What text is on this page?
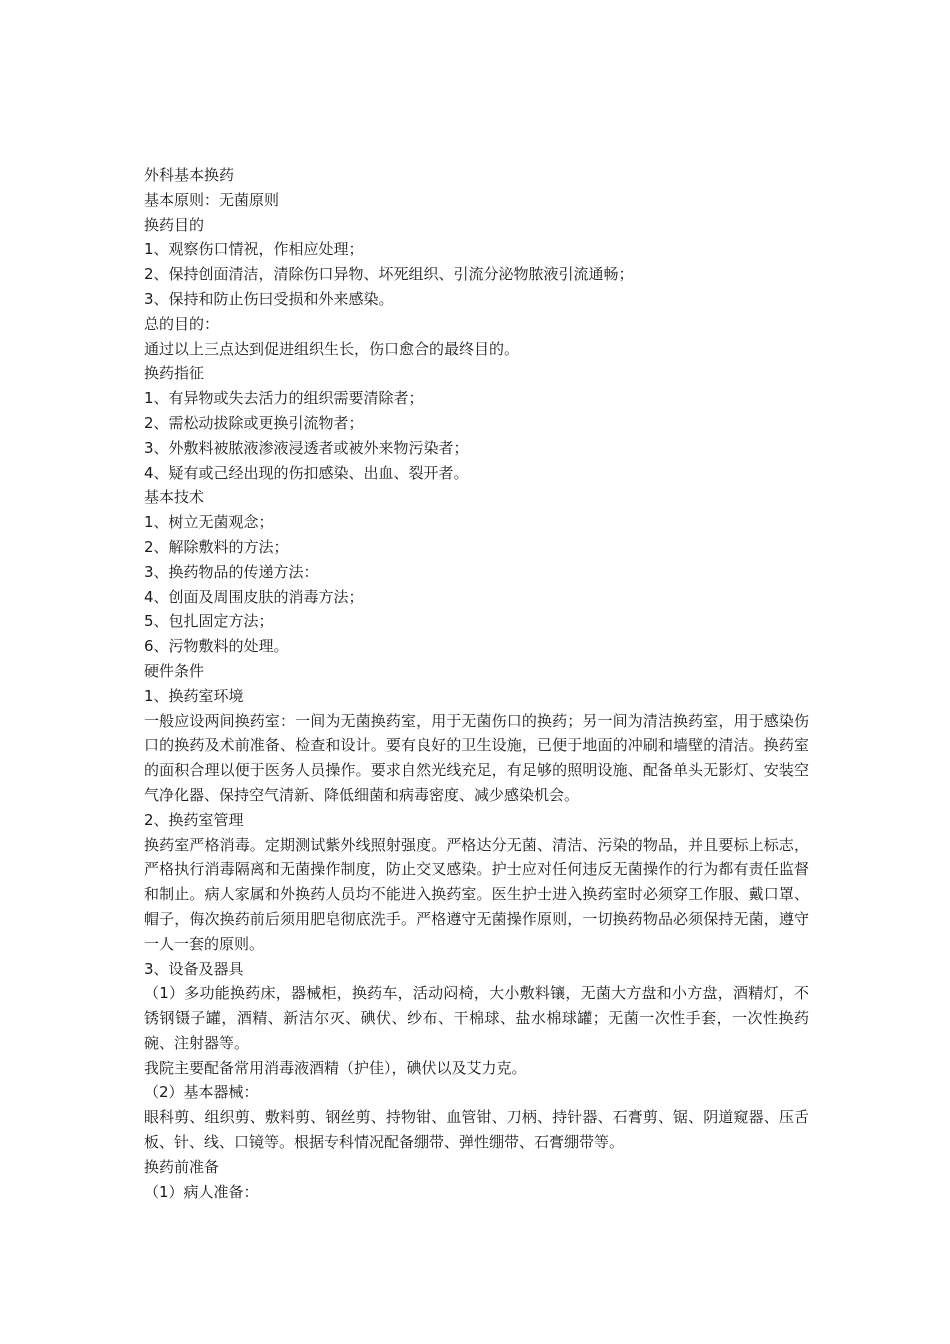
外科基本换药

基本原则：无菌原则

换药目的

1、观察伤口情祝，作相应处理；

2、保持创面清洁，清除伤口异物、坏死组织、引流分泌物脓液引流通畅；

3、保持和防止伤曰受损和外来感染。

总的目的：

通过以上三点达到促进组织生长，伤口愈合的最终目的。

换药指征

1、有异物或失去活力的组织需要清除者；

2、需松动拔除或更换引流物者；

3、外敷料被脓液渗液浸透者或被外来物污染者；

4、疑有或己经出现的伤扣感染、出血、裂开者。

基本技术

1、树立无菌观念；

2、解除敷料的方法；

3、换药物品的传递方法：

4、创面及周围皮肤的消毒方法；

5、包扎固定方法；

6、污物敷料的处理。

硬件条件

1、换药室环境

一般应设两间换药室：一间为无菌换药室，用于无菌伤口的换药；另一间为清洁换药室，用于感染伤口的换药及术前准备、检查和设计。要有良好的卫生设施，已便于地面的冲刷和墙壁的清洁。换药室的面积合理以便于医务人员操作。要求自然光线充足，有足够的照明设施、配备单头无影灯、安装空气净化器、保持空气清新、降低细菌和病毒密度、减少感染机会。

2、换药室管理

换药室严格消毒。定期测试紫外线照射强度。严格达分无菌、清洁、污染的物品，并且要标上标志，严格执行消毒隔离和无菌操作制度，防止交叉感染。护士应对任何违反无菌操作的行为都有责任监督和制止。病人家属和外换药人员均不能进入换药室。医生护士进入换药室时必须穿工作服、戴口罩、帽子，侮次换药前后须用肥皂彻底洗手。严格遵守无菌操作原则，一切换药物品必须保持无菌，遵守一人一套的原则。

3、设备及器具

（1）多功能换药床，器械柜，换药车，活动闷椅，大小敷料镶，无菌大方盘和小方盘，酒精灯，不锈钢镊子罐，酒精、新洁尔灭、碘伏、纱布、干棉球、盐水棉球罐；无菌一次性手套，一次性换药碗、注射器等。

我院主要配备常用消毒液酒精（护佳），碘伏以及艾力克。

（2）基本器械：

眼科剪、组织剪、敷料剪、钢丝剪、持物钳、血管钳、刀柄、持针器、石膏剪、锯、阴道窥器、压舌板、针、线、口镜等。根据专科情况配备绷带、弹性绷带、石膏绷带等。

换药前准备

（1）病人准备：
